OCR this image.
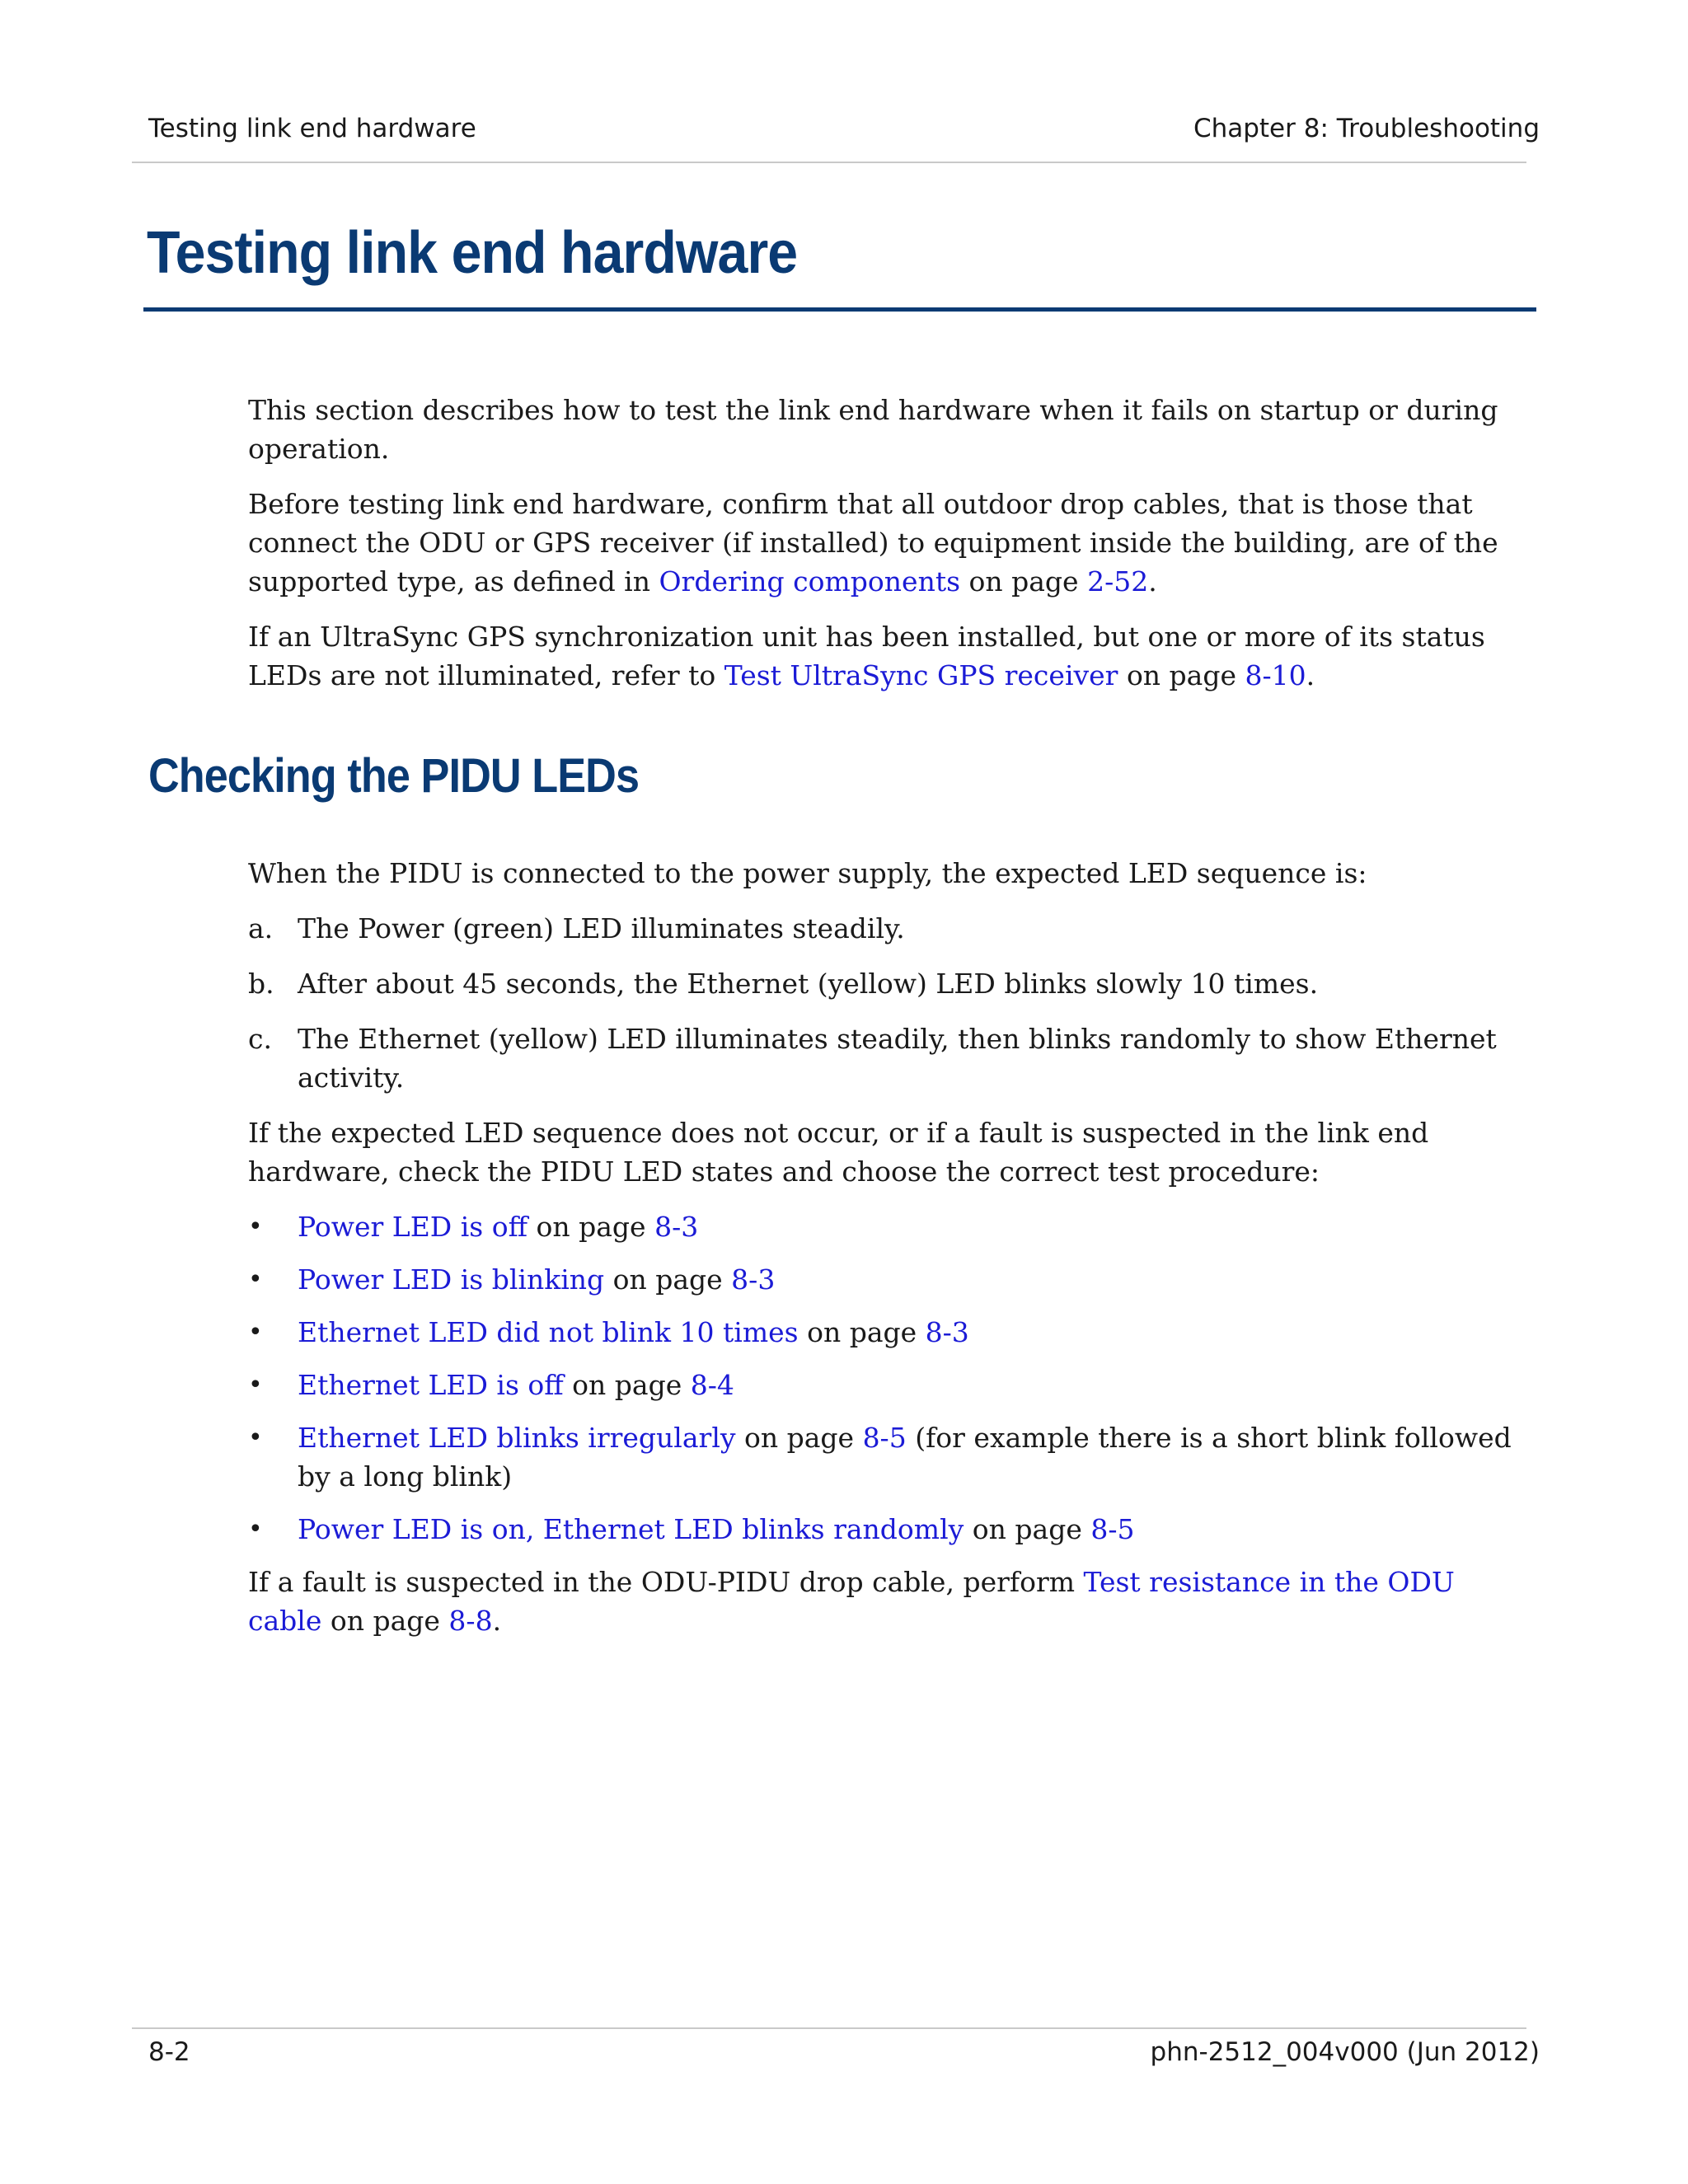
Testing link end hardware	Chapter 8: Troubleshooting
Testing link end hardware

This section describes how to test the link end hardware when it fails on startup or during operation.

Before testing link end hardware, confirm that all outdoor drop cables, that is those that connect the ODU or GPS receiver (if installed) to equipment inside the building, are of the supported type, as defined in Ordering components on page 2-52.

If an UltraSync GPS synchronization unit has been installed, but one or more of its status LEDs are not illuminated, refer to Test UltraSync GPS receiver on page 8-10.

Checking the PIDU LEDs

When the PIDU is connected to the power supply, the expected LED sequence is:

a. The Power (green) LED illuminates steadily.
b. After about 45 seconds, the Ethernet (yellow) LED blinks slowly 10 times.
c. The Ethernet (yellow) LED illuminates steadily, then blinks randomly to show Ethernet activity.

If the expected LED sequence does not occur, or if a fault is suspected in the link end hardware, check the PIDU LED states and choose the correct test procedure:

•	Power LED is off on page 8-3
•	Power LED is blinking on page 8-3
•	Ethernet LED did not blink 10 times on page 8-3
•	Ethernet LED is off on page 8-4
•	Ethernet LED blinks irregularly on page 8-5 (for example there is a short blink followed by a long blink)
•	Power LED is on, Ethernet LED blinks randomly on page 8-5

If a fault is suspected in the ODU-PIDU drop cable, perform Test resistance in the ODU cable on page 8-8.

8-2	phn-2512_004v000 (Jun 2012)
